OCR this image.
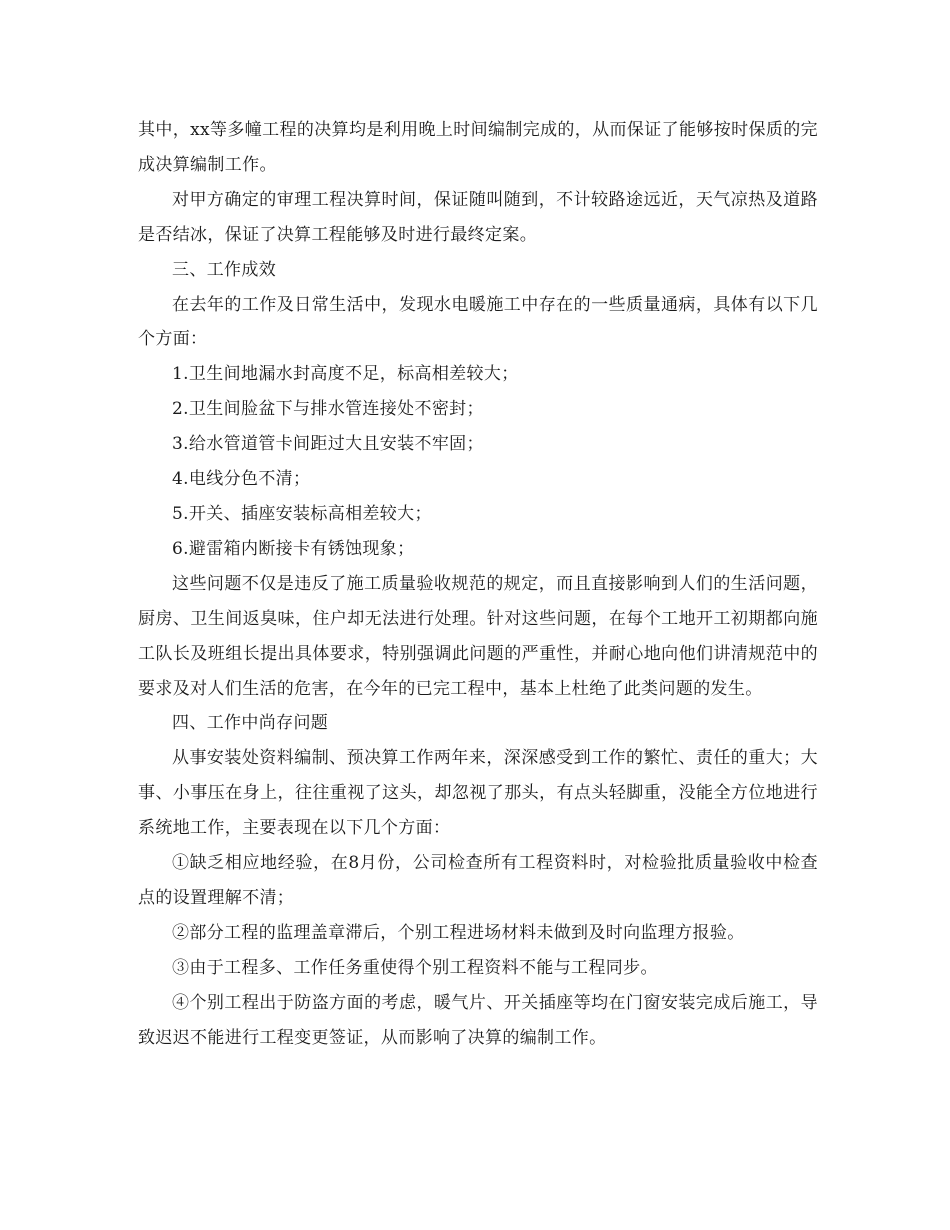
其中，xx等多幢工程的决算均是利用晚上时间编制完成的，从而保证了能够按时保质的完成决算编制工作。

对甲方确定的审理工程决算时间，保证随叫随到，不计较路途远近，天气凉热及道路是否结冰，保证了决算工程能够及时进行最终定案。

三、工作成效

在去年的工作及日常生活中，发现水电暖施工中存在的一些质量通病，具体有以下几个方面：

1.卫生间地漏水封高度不足，标高相差较大；

2.卫生间脸盆下与排水管连接处不密封；

3.给水管道管卡间距过大且安装不牢固；

4.电线分色不清；

5.开关、插座安装标高相差较大；

6.避雷箱内断接卡有锈蚀现象；

这些问题不仅是违反了施工质量验收规范的规定，而且直接影响到人们的生活问题，厨房、卫生间返臭味，住户却无法进行处理。针对这些问题，在每个工地开工初期都向施工队长及班组长提出具体要求，特别强调此问题的严重性，并耐心地向他们讲清规范中的要求及对人们生活的危害，在今年的已完工程中，基本上杜绝了此类问题的发生。

四、工作中尚存问题

从事安装处资料编制、预决算工作两年来，深深感受到工作的繁忙、责任的重大；大事、小事压在身上，往往重视了这头，却忽视了那头，有点头轻脚重，没能全方位地进行系统地工作，主要表现在以下几个方面：

①缺乏相应地经验，在8月份，公司检查所有工程资料时，对检验批质量验收中检查点的设置理解不清；

②部分工程的监理盖章滞后，个别工程进场材料未做到及时向监理方报验。

③由于工程多、工作任务重使得个别工程资料不能与工程同步。

④个别工程出于防盗方面的考虑，暖气片、开关插座等均在门窗安装完成后施工，导致迟迟不能进行工程变更签证，从而影响了决算的编制工作。
